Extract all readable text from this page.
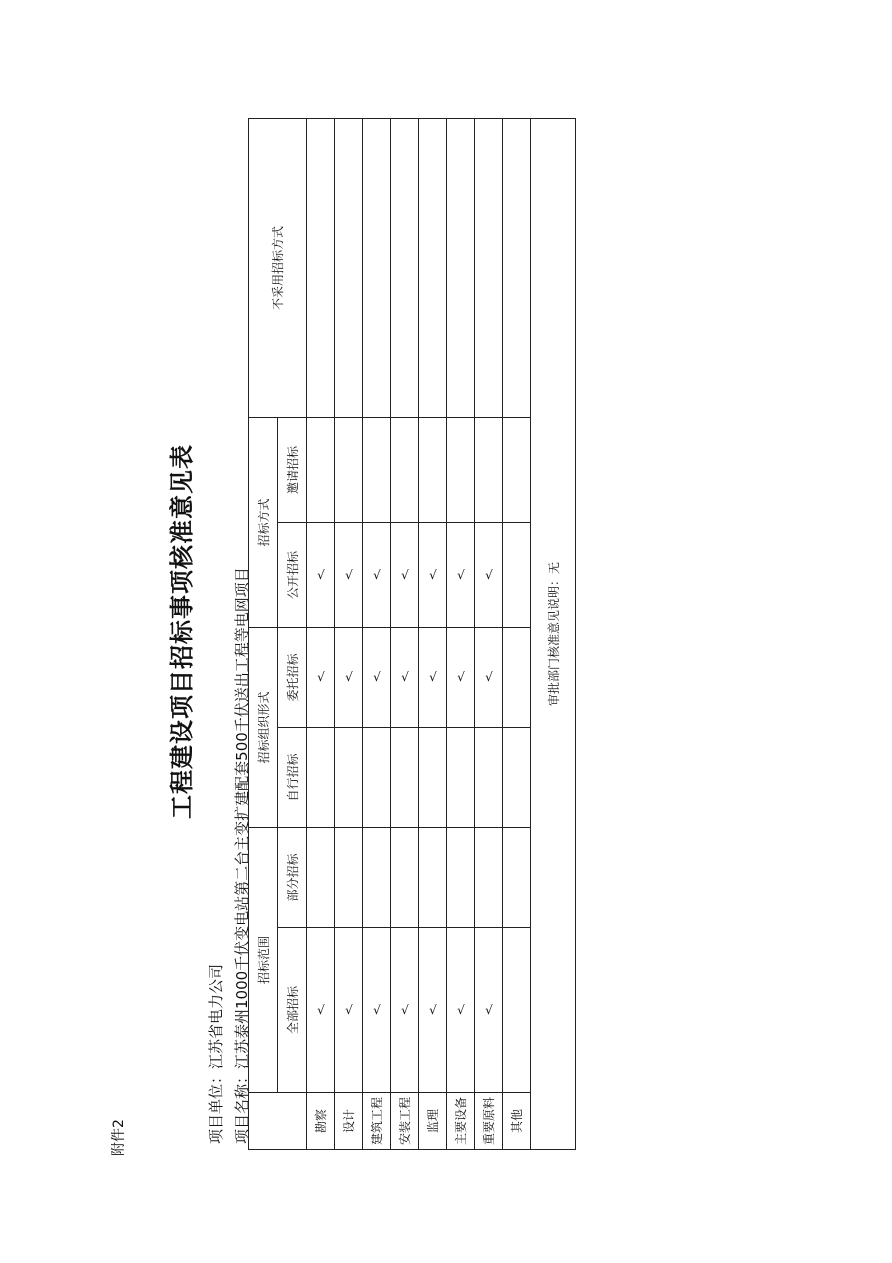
附件2
工程建设项目招标事项核准意见表
项目单位：江苏省电力公司 项目名称：江苏泰州1000千伏变电站第二台主变扩建配套500千伏送出工程等电网项目
	招标范围		招标组织形式		招标方式		不采用招标方式
	全部招标	部分招标	自行招标	委托招标	公开招标	邀请招标	
勘察	√			√	√		
设计	√			√	√		
建筑工程	√			√	√		
安装工程	√			√	√		
监理	√			√	√		
主要设备	√			√	√		
重要原料	√			√	√		
其他							
审批部门核准意见说明：无							
